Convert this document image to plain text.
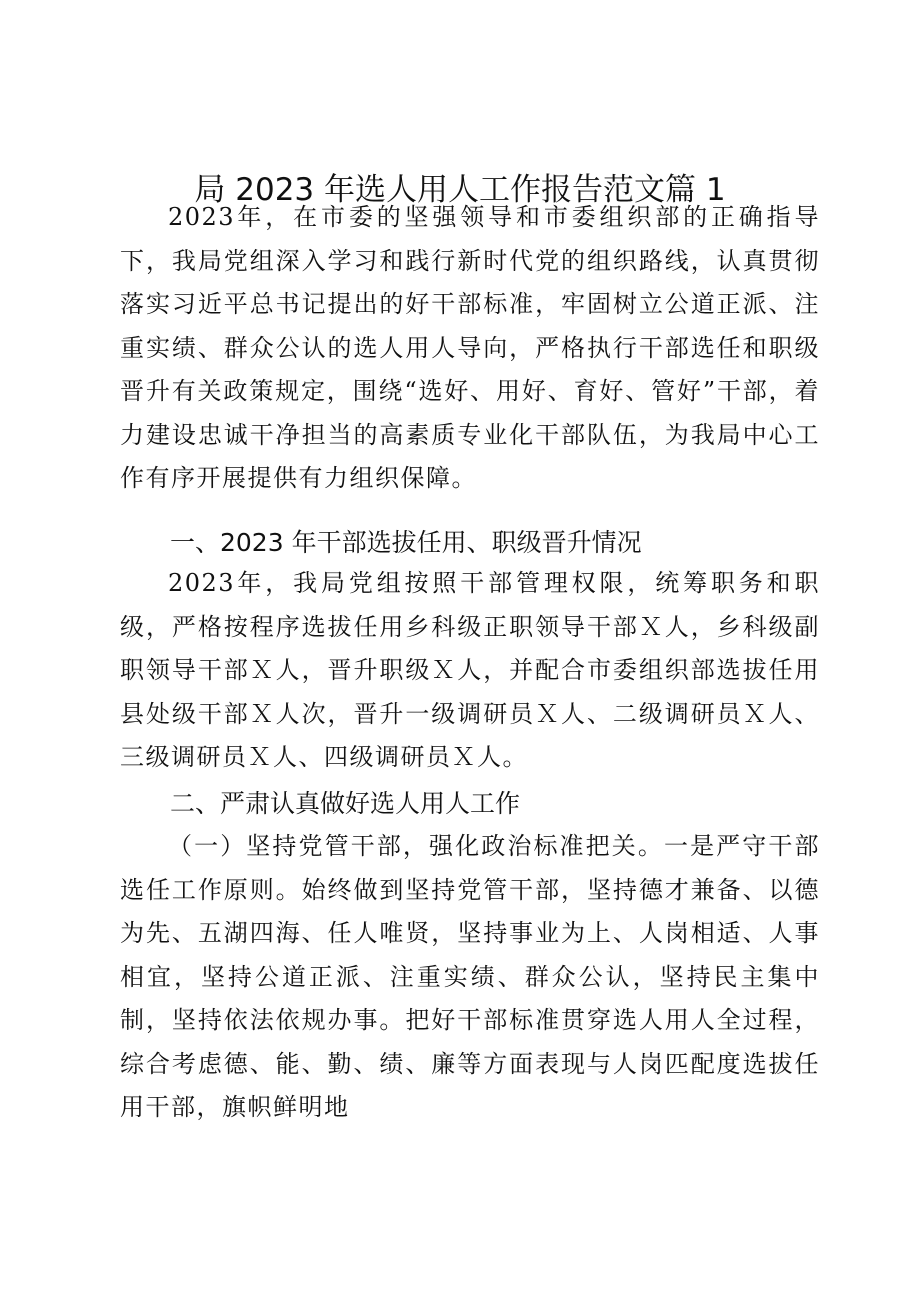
局 2023 年选人用人工作报告范文篇 1

2023年，在市委的坚强领导和市委组织部的正确指导下，我局党组深入学习和践行新时代党的组织路线，认真贯彻落实习近平总书记提出的好干部标准，牢固树立公道正派、注重实绩、群众公认的选人用人导向，严格执行干部选任和职级晋升有关政策规定，围绕“选好、用好、育好、管好”干部，着力建设忠诚干净担当的高素质专业化干部队伍，为我局中心工作有序开展提供有力组织保障。

一、2023 年干部选拔任用、职级晋升情况

2023年，我局党组按照干部管理权限，统筹职务和职级，严格按程序选拔任用乡科级正职领导干部Ｘ人，乡科级副职领导干部Ｘ人，晋升职级Ｘ人，并配合市委组织部选拔任用县处级干部Ｘ人次，晋升一级调研员Ｘ人、二级调研员Ｘ人、三级调研员Ｘ人、四级调研员Ｘ人。

二、严肃认真做好选人用人工作

（一）坚持党管干部，强化政治标准把关。一是严守干部选任工作原则。始终做到坚持党管干部，坚持德才兼备、以德为先、五湖四海、任人唯贤，坚持事业为上、人岗相适、人事相宜，坚持公道正派、注重实绩、群众公认，坚持民主集中制，坚持依法依规办事。把好干部标准贯穿选人用人全过程，综合考虑德、能、勤、绩、廉等方面表现与人岗匹配度选拔任用干部，旗帜鲜明地
